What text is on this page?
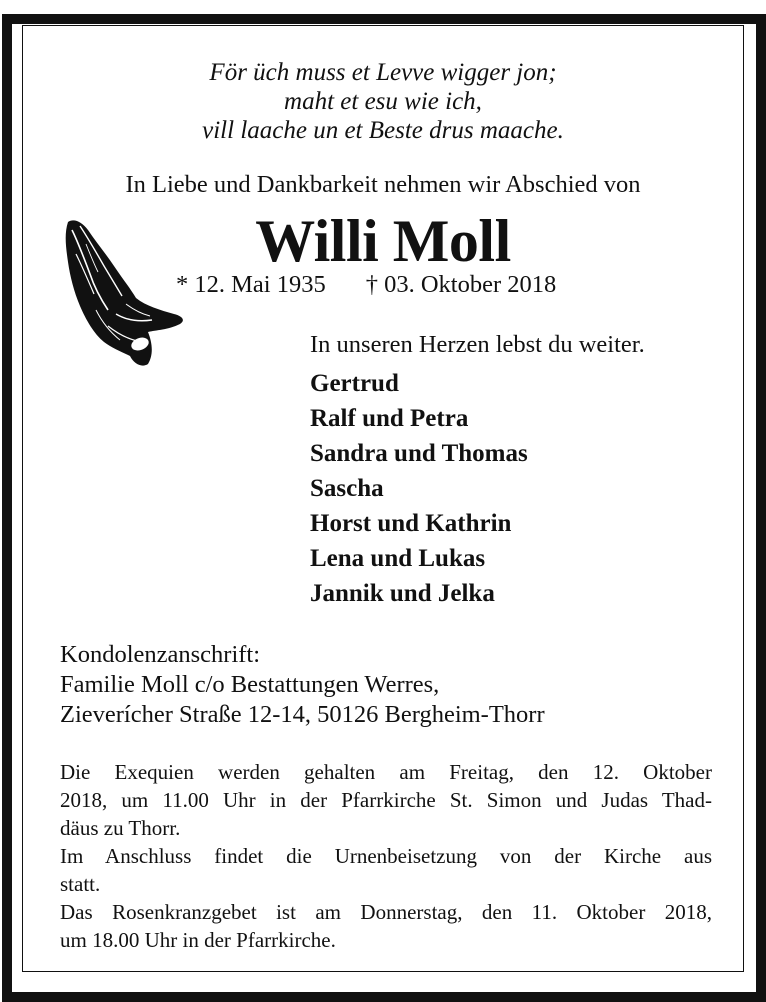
För üch muss et Levve wigger jon;
maht et esu wie ich,
vill laache un et Beste drus maache.
In Liebe und Dankbarkeit nehmen wir Abschied von
Willi Moll
* 12. Mai 1935 † 03. Oktober 2018
In unseren Herzen lebst du weiter.
Gertrud
Ralf und Petra
Sandra und Thomas
Sascha
Horst und Kathrin
Lena und Lukas
Jannik und Jelka
Kondolenzanschrift:
Familie Moll c/o Bestattungen Werres,
Zieverícher Straße 12-14, 50126 Bergheim-Thorr

Die Exequien werden gehalten am Freitag, den 12. Oktober
2018, um 11.00 Uhr in der Pfarrkirche St. Simon und Judas Thad-
däus zu Thorr.

Im Anschluss findet die Urnenbeisetzung von der Kirche aus
statt.

Das Rosenkranzgebet ist am Donnerstag, den 11. Oktober 2018,
um 18.00 Uhr in der Pfarrkirche.
